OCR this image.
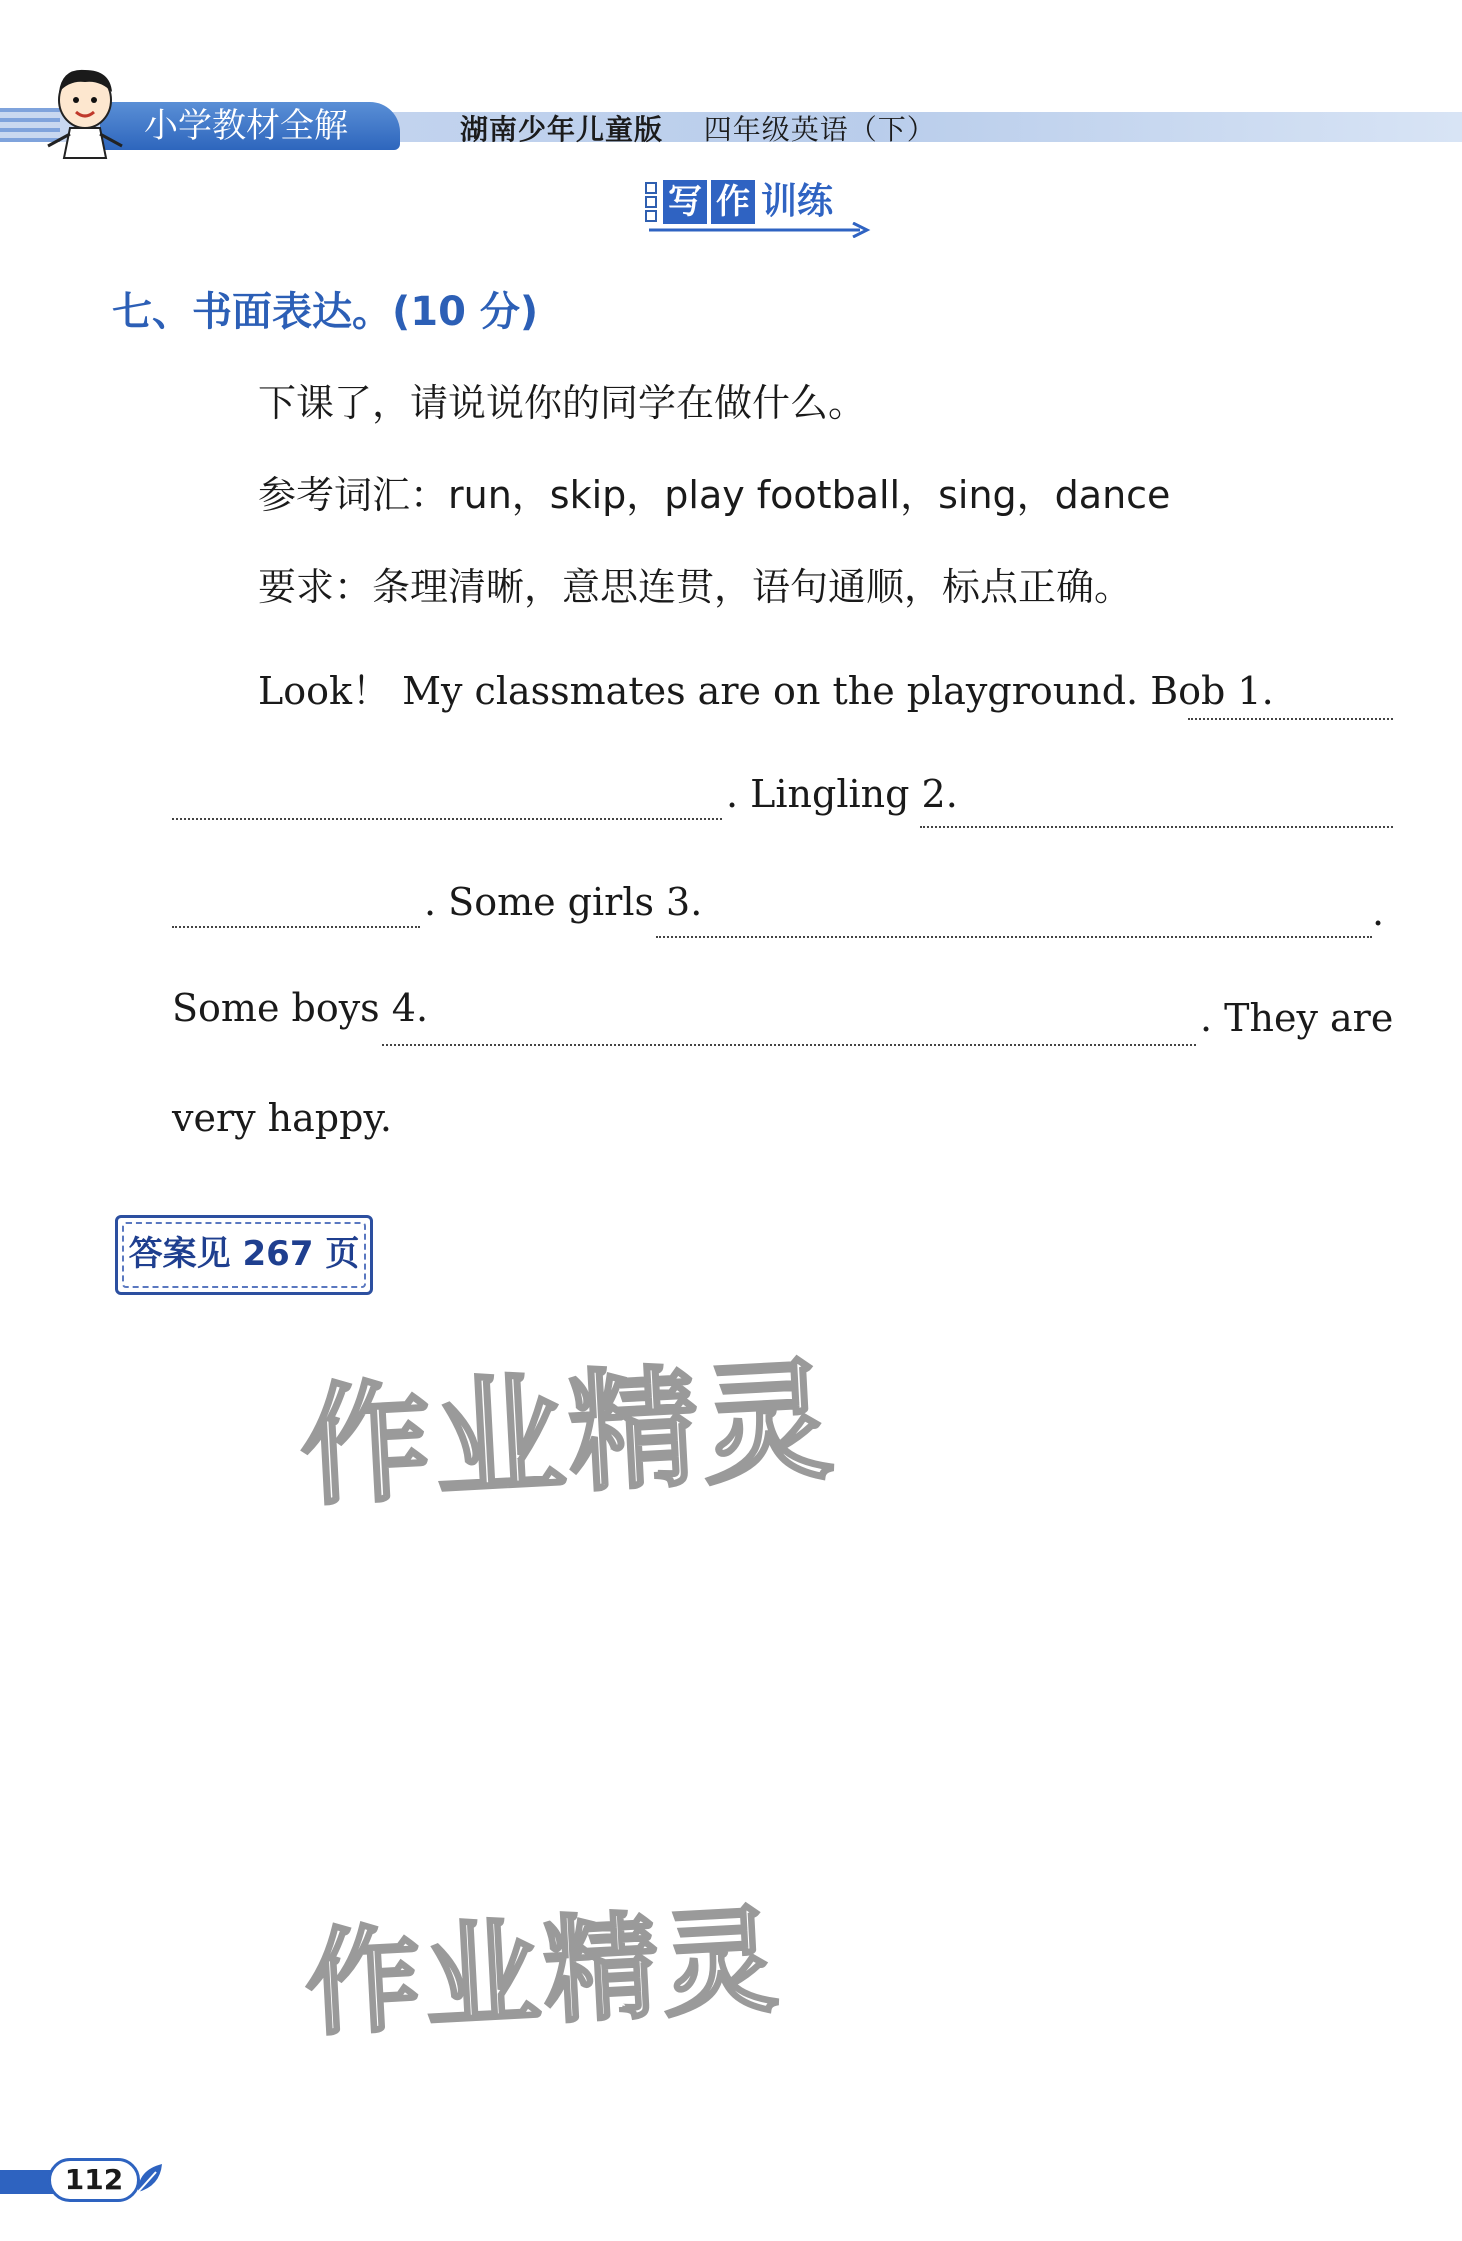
小学教材全解	湖南少年儿童版 四年级英语（下）
写 作 训练
七、书面表达。(10 分)
下课了，请说说你的同学在做什么。
参考词汇：run，skip，play football，sing，dance
要求：条理清晰，意思连贯，语句通顺，标点正确。
Look！ My classmates are on the playground. Bob 1.
. Lingling 2.
. Some girls 3.	.
Some boys 4.	. They are
very happy.
答案见 267 页
作业精灵
作业精灵
112
